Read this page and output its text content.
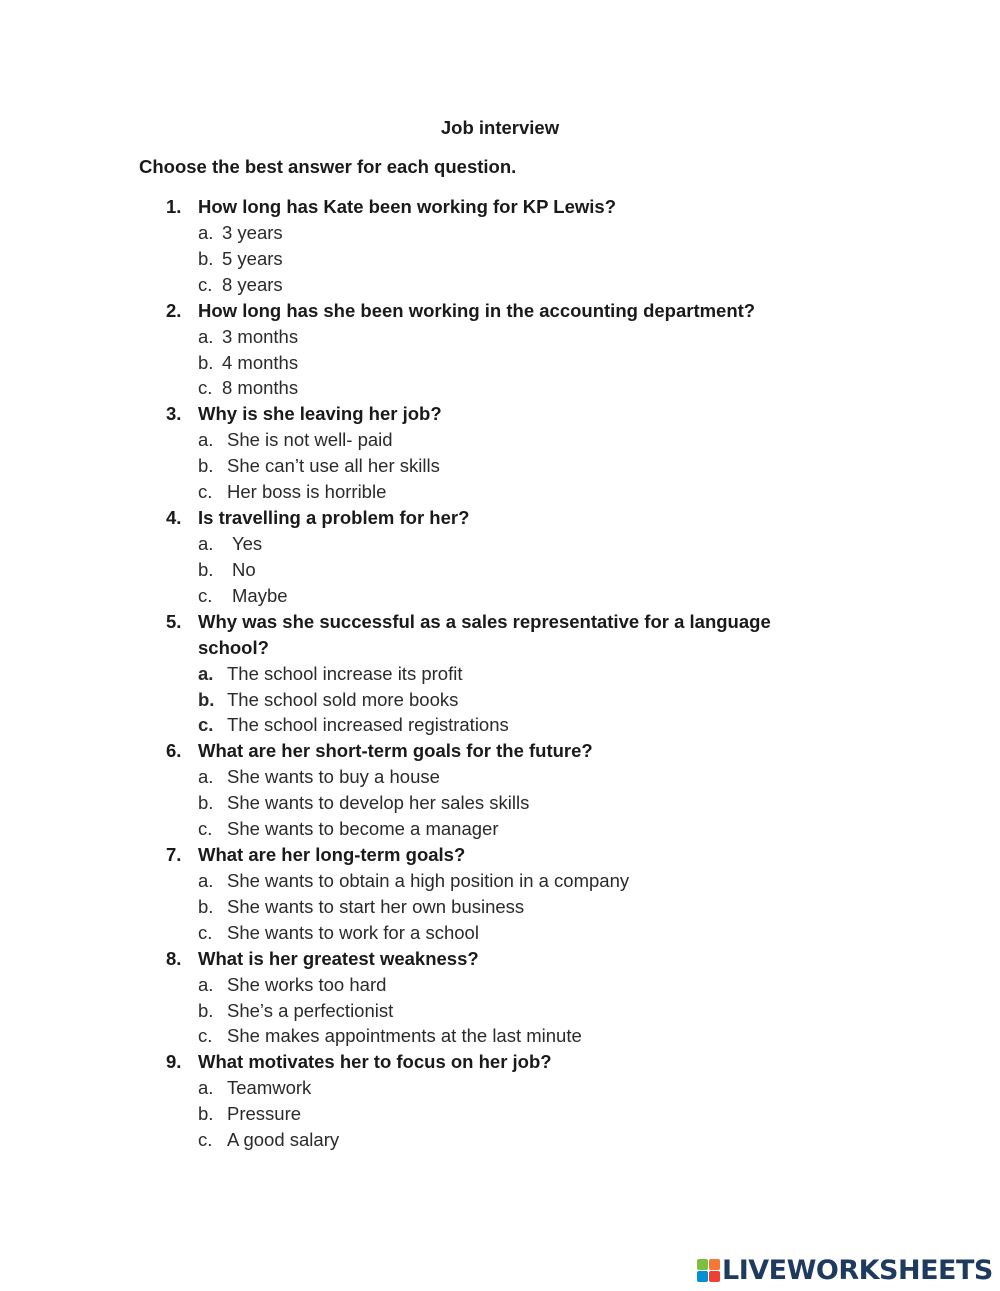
Job interview
Choose the best answer for each question.
1. How long has Kate been working for KP Lewis?
a. 3 years
b. 5 years
c. 8 years
2. How long has she been working in the accounting department?
a. 3 months
b. 4 months
c. 8 months
3. Why is she leaving her job?
a. She is not well- paid
b. She can’t use all her skills
c. Her boss is horrible
4. Is travelling a problem for her?
a. Yes
b. No
c. Maybe
5. Why was she successful as a sales representative for a language school?
a. The school increase its profit
b. The school sold more books
c. The school increased registrations
6. What are her short-term goals for the future?
a. She wants to buy a house
b. She wants to develop her sales skills
c. She wants to become a manager
7. What are her long-term goals?
a. She wants to obtain a high position in a company
b. She wants to start her own business
c. She wants to work for a school
8. What is her greatest weakness?
a. She works too hard
b. She’s a perfectionist
c. She makes appointments at the last minute
9. What motivates her to focus on her job?
a. Teamwork
b. Pressure
c. A good salary
LIVEWORKSHEETS
